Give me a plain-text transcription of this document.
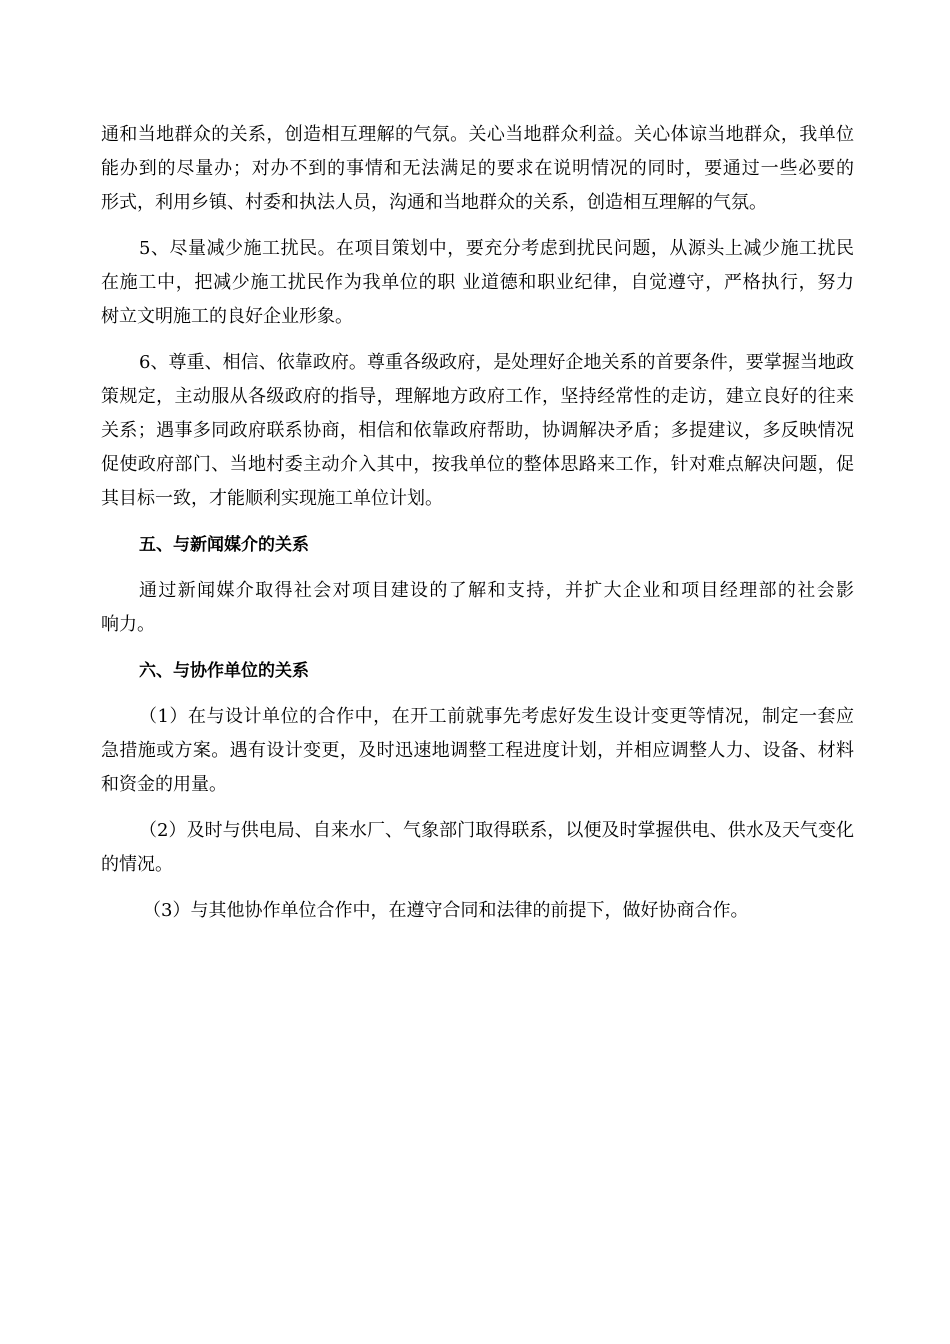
通和当地群众的关系，创造相互理解的气氛。关心当地群众利益。关心体谅当地群众，我单位
能办到的尽量办；对办不到的事情和无法满足的要求在说明情况的同时，要通过一些必要的
形式，利用乡镇、村委和执法人员，沟通和当地群众的关系，创造相互理解的气氛。
5、尽量减少施工扰民。在项目策划中，要充分考虑到扰民问题，从源头上减少施工扰民
在施工中，把减少施工扰民作为我单位的职 业道德和职业纪律，自觉遵守，严格执行，努力
树立文明施工的良好企业形象。
6、尊重、相信、依靠政府。尊重各级政府，是处理好企地关系的首要条件，要掌握当地政
策规定，主动服从各级政府的指导，理解地方政府工作，坚持经常性的走访，建立良好的往来
关系；遇事多同政府联系协商，相信和依靠政府帮助，协调解决矛盾；多提建议，多反映情况
促使政府部门、当地村委主动介入其中，按我单位的整体思路来工作，针对难点解决问题，促
其目标一致，才能顺利实现施工单位计划。
五、与新闻媒介的关系
通过新闻媒介取得社会对项目建设的了解和支持，并扩大企业和项目经理部的社会影
响力。
六、与协作单位的关系
（1）在与设计单位的合作中，在开工前就事先考虑好发生设计变更等情况，制定一套应
急措施或方案。遇有设计变更，及时迅速地调整工程进度计划，并相应调整人力、设备、材料
和资金的用量。
（2）及时与供电局、自来水厂、气象部门取得联系，以便及时掌握供电、供水及天气变化
的情况。
（3）与其他协作单位合作中，在遵守合同和法律的前提下，做好协商合作。
